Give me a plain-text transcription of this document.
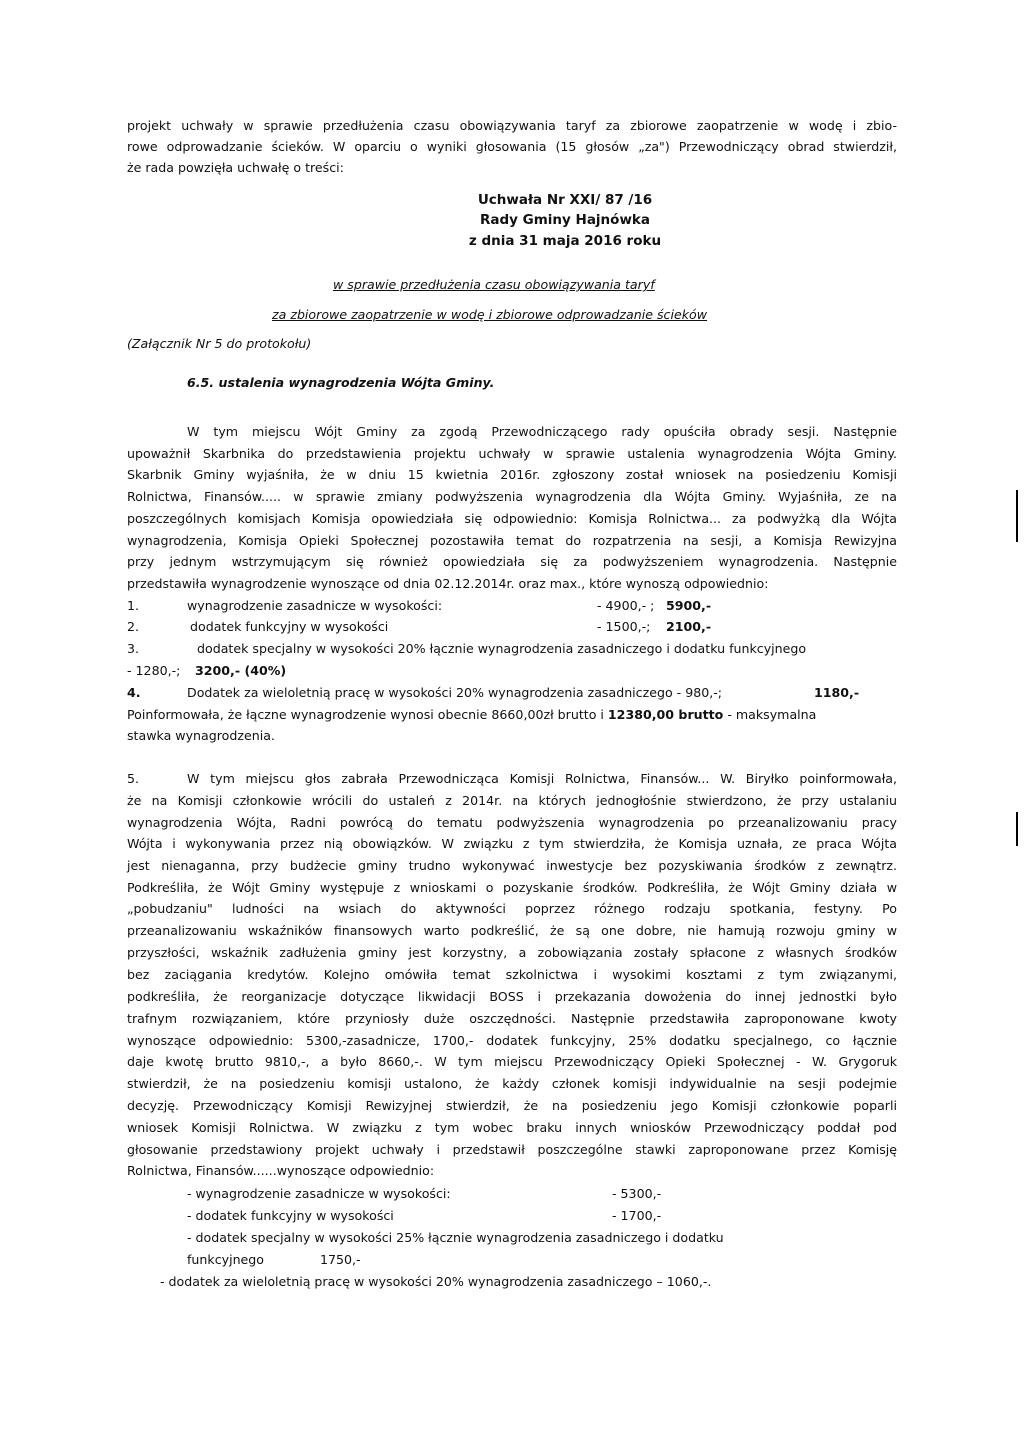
projekt uchwały w sprawie przedłużenia czasu obowiązywania taryf za zbiorowe zaopatrzenie w wodę i zbio-
rowe odprowadzanie ścieków. W oparciu o wyniki głosowania (15 głosów „za") Przewodniczący obrad stwierdził,
że rada powzięła uchwałę o treści:
Uchwała Nr XXI/ 87 /16
Rady Gminy Hajnówka
z dnia 31 maja 2016 roku
w sprawie przedłużenia czasu obowiązywania taryf
za zbiorowe zaopatrzenie w wodę i zbiorowe odprowadzanie ścieków
(Załącznik Nr 5 do protokołu)
6.5. ustalenia wynagrodzenia Wójta Gminy.
W tym miejscu Wójt Gminy za zgodą Przewodniczącego rady opuściła obrady sesji. Następnie
upoważnił Skarbnika do przedstawienia projektu uchwały w sprawie ustalenia wynagrodzenia Wójta Gminy.
Skarbnik Gminy wyjaśniła, że w dniu 15 kwietnia 2016r. zgłoszony został wniosek na posiedzeniu Komisji
Rolnictwa, Finansów..... w sprawie zmiany podwyższenia wynagrodzenia dla Wójta Gminy. Wyjaśniła, ze na
poszczególnych komisjach Komisja opowiedziała się odpowiednio: Komisja Rolnictwa... za podwyżką dla Wójta
wynagrodzenia, Komisja Opieki Społecznej pozostawiła temat do rozpatrzenia na sesji, a Komisja Rewizyjna
przy jednym wstrzymującym się również opowiedziała się za podwyższeniem wynagrodzenia. Następnie
przedstawiła wynagrodzenie wynoszące od dnia 02.12.2014r. oraz max., które wynoszą odpowiednio:
1.	wynagrodzenie zasadnicze w wysokości:	- 4900,- ; 5900,-
2.	dodatek funkcyjny w wysokości	- 1500,-; 2100,-
3.	dodatek specjalny w wysokości 20% łącznie wynagrodzenia zasadniczego i dodatku funkcyjnego
- 1280,-; 3200,- (40%)
4.	Dodatek za wieloletnią pracę w wysokości 20% wynagrodzenia zasadniczego - 980,-;	1180,-
Poinformowała, że łączne wynagrodzenie wynosi obecnie 8660,00zł brutto i 12380,00 brutto - maksymalna
stawka wynagrodzenia.
5.	W tym miejscu głos zabrała Przewodnicząca Komisji Rolnictwa, Finansów... W. Biryłko poinformowała,
że na Komisji członkowie wrócili do ustaleń z 2014r. na których jednogłośnie stwierdzono, że przy ustalaniu
wynagrodzenia Wójta, Radni powrócą do tematu podwyższenia wynagrodzenia po przeanalizowaniu pracy
Wójta i wykonywania przez nią obowiązków. W związku z tym stwierdziła, że Komisja uznała, ze praca Wójta
jest nienaganna, przy budżecie gminy trudno wykonywać inwestycje bez pozyskiwania środków z zewnątrz.
Podkreśliła, że Wójt Gminy występuje z wnioskami o pozyskanie środków. Podkreśliła, że Wójt Gminy działa w
„pobudzaniu" ludności na wsiach do aktywności poprzez różnego rodzaju spotkania, festyny. Po
przeanalizowaniu wskaźników finansowych warto podkreślić, że są one dobre, nie hamują rozwoju gminy w
przyszłości, wskaźnik zadłużenia gminy jest korzystny, a zobowiązania zostały spłacone z własnych środków
bez zaciągania kredytów. Kolejno omówiła temat szkolnictwa i wysokimi kosztami z tym związanymi,
podkreśliła, że reorganizacje dotyczące likwidacji BOSS i przekazania dowożenia do innej jednostki było
trafnym rozwiązaniem, które przyniosły duże oszczędności. Następnie przedstawiła zaproponowane kwoty
wynoszące odpowiednio: 5300,-zasadnicze, 1700,- dodatek funkcyjny, 25% dodatku specjalnego, co łącznie
daje kwotę brutto 9810,-, a było 8660,-. W tym miejscu Przewodniczący Opieki Społecznej - W. Grygoruk
stwierdził, że na posiedzeniu komisji ustalono, że każdy członek komisji indywidualnie na sesji podejmie
decyzję. Przewodniczący Komisji Rewizyjnej stwierdził, że na posiedzeniu jego Komisji członkowie poparli
wniosek Komisji Rolnictwa. W związku z tym wobec braku innych wniosków Przewodniczący poddał pod
głosowanie przedstawiony projekt uchwały i przedstawił poszczególne stawki zaproponowane przez Komisję
Rolnictwa, Finansów......wynoszące odpowiednio:
- wynagrodzenie zasadnicze w wysokości:	- 5300,-
- dodatek funkcyjny w wysokości	- 1700,-
- dodatek specjalny w wysokości 25% łącznie wynagrodzenia zasadniczego i dodatku
funkcyjnego	1750,-
- dodatek za wieloletnią pracę w wysokości 20% wynagrodzenia zasadniczego – 1060,-.
